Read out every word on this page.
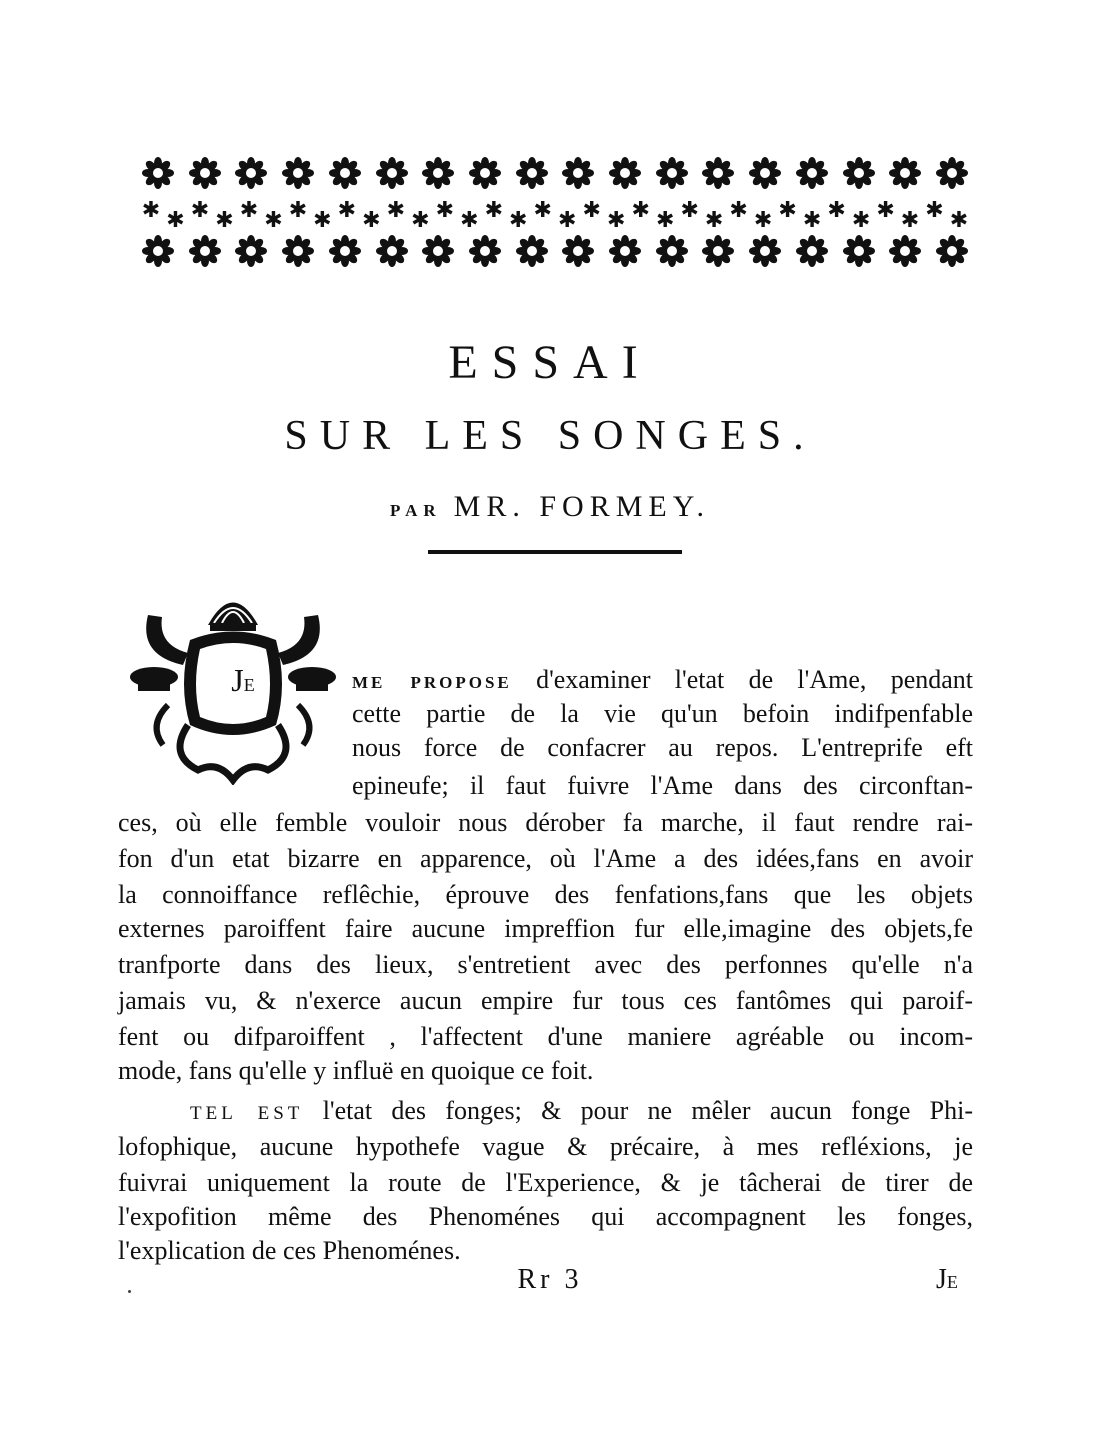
✱ ✱ ✱ ✱ ✱ ✱ ✱ ✱ ✱ ✱ ✱ ✱ ✱ ✱ ✱ ✱ ✱ ✱ ✱ ✱ ✱ ✱ ✱ ✱ ✱ ✱ ✱ ✱ ✱ ✱ ✱ ✱ ✱ ✱
ESSAI
SUR LES SONGES.
PAR MR. FORMEY.
JE	ME PROPOSE d'examiner l'etat de l'Ame, pendant
cette partie de la vie qu'un befoin indifpenfable
nous force de confacrer au repos. L'entreprife eft
epineufe; il faut fuivre l'Ame dans des circonftan-
ces, où elle femble vouloir nous dérober fa marche, il faut rendre rai-
fon d'un etat bizarre en apparence, où l'Ame a des idées,fans en avoir
la connoiffance reflêchie, éprouve des fenfations,fans que les objets
externes paroiffent faire aucune impreffion fur elle,imagine des objets,fe
tranfporte dans des lieux, s'entretient avec des perfonnes qu'elle n'a
jamais vu, & n'exerce aucun empire fur tous ces fantômes qui paroif-
fent ou difparoiffent , l'affectent d'une maniere agréable ou incom-
mode, fans qu'elle y influë en quoique ce foit.
TEL EST l'etat des fonges; & pour ne mêler aucun fonge Phi-
lofophique, aucune hypothefe vague & précaire, à mes refléxions, je
fuivrai uniquement la route de l'Experience, & je tâcherai de tirer de
l'expofition même des Phenoménes qui accompagnent les fonges,
l'explication de ces Phenoménes.
Rr 3	JE
